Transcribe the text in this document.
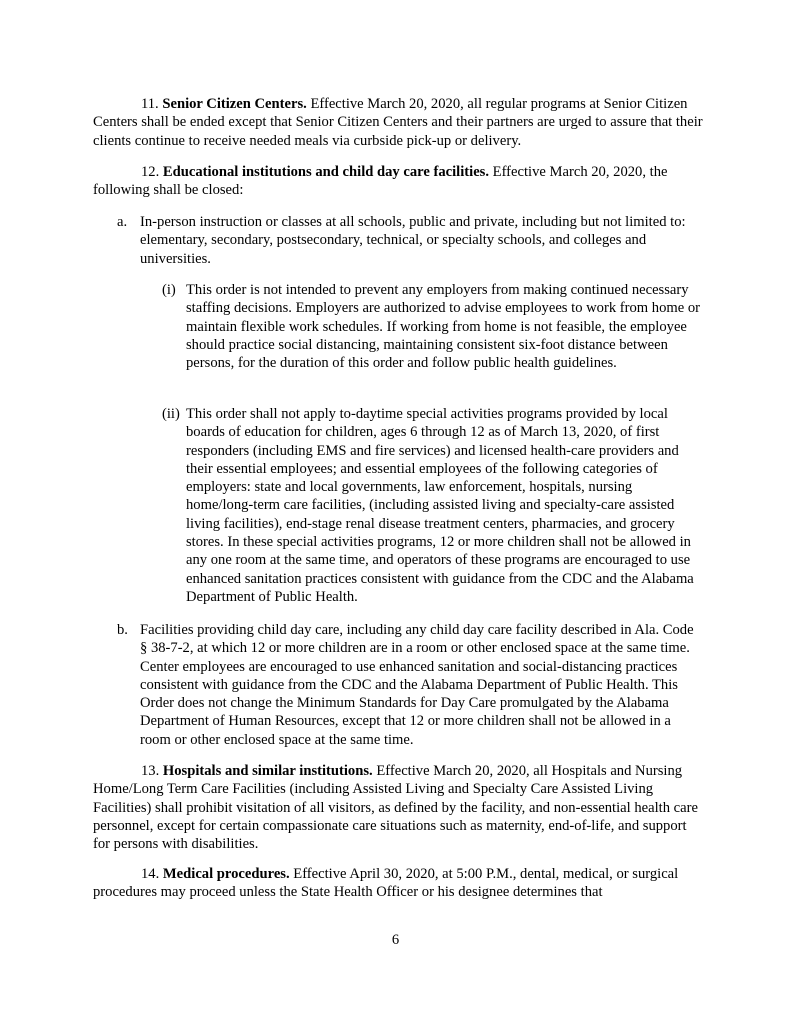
11. Senior Citizen Centers. Effective March 20, 2020, all regular programs at Senior Citizen Centers shall be ended except that Senior Citizen Centers and their partners are urged to assure that their clients continue to receive needed meals via curbside pick-up or delivery.

12. Educational institutions and child day care facilities. Effective March 20, 2020, the following shall be closed:

a. In-person instruction or classes at all schools, public and private, including but not limited to: elementary, secondary, postsecondary, technical, or specialty schools, and colleges and universities.

(i) This order is not intended to prevent any employers from making continued necessary staffing decisions. Employers are authorized to advise employees to work from home or maintain flexible work schedules. If working from home is not feasible, the employee should practice social distancing, maintaining consistent six-foot distance between persons, for the duration of this order and follow public health guidelines.

(ii) This order shall not apply to-daytime special activities programs provided by local boards of education for children, ages 6 through 12 as of March 13, 2020, of first responders (including EMS and fire services) and licensed health-care providers and their essential employees; and essential employees of the following categories of employers: state and local governments, law enforcement, hospitals, nursing home/long-term care facilities, (including assisted living and specialty-care assisted living facilities), end-stage renal disease treatment centers, pharmacies, and grocery stores. In these special activities programs, 12 or more children shall not be allowed in any one room at the same time, and operators of these programs are encouraged to use enhanced sanitation practices consistent with guidance from the CDC and the Alabama Department of Public Health.

b. Facilities providing child day care, including any child day care facility described in Ala. Code § 38-7-2, at which 12 or more children are in a room or other enclosed space at the same time. Center employees are encouraged to use enhanced sanitation and social-distancing practices consistent with guidance from the CDC and the Alabama Department of Public Health. This Order does not change the Minimum Standards for Day Care promulgated by the Alabama Department of Human Resources, except that 12 or more children shall not be allowed in a room or other enclosed space at the same time.

13. Hospitals and similar institutions. Effective March 20, 2020, all Hospitals and Nursing Home/Long Term Care Facilities (including Assisted Living and Specialty Care Assisted Living Facilities) shall prohibit visitation of all visitors, as defined by the facility, and non-essential health care personnel, except for certain compassionate care situations such as maternity, end-of-life, and support for persons with disabilities.

14. Medical procedures. Effective April 30, 2020, at 5:00 P.M., dental, medical, or surgical procedures may proceed unless the State Health Officer or his designee determines that

6
